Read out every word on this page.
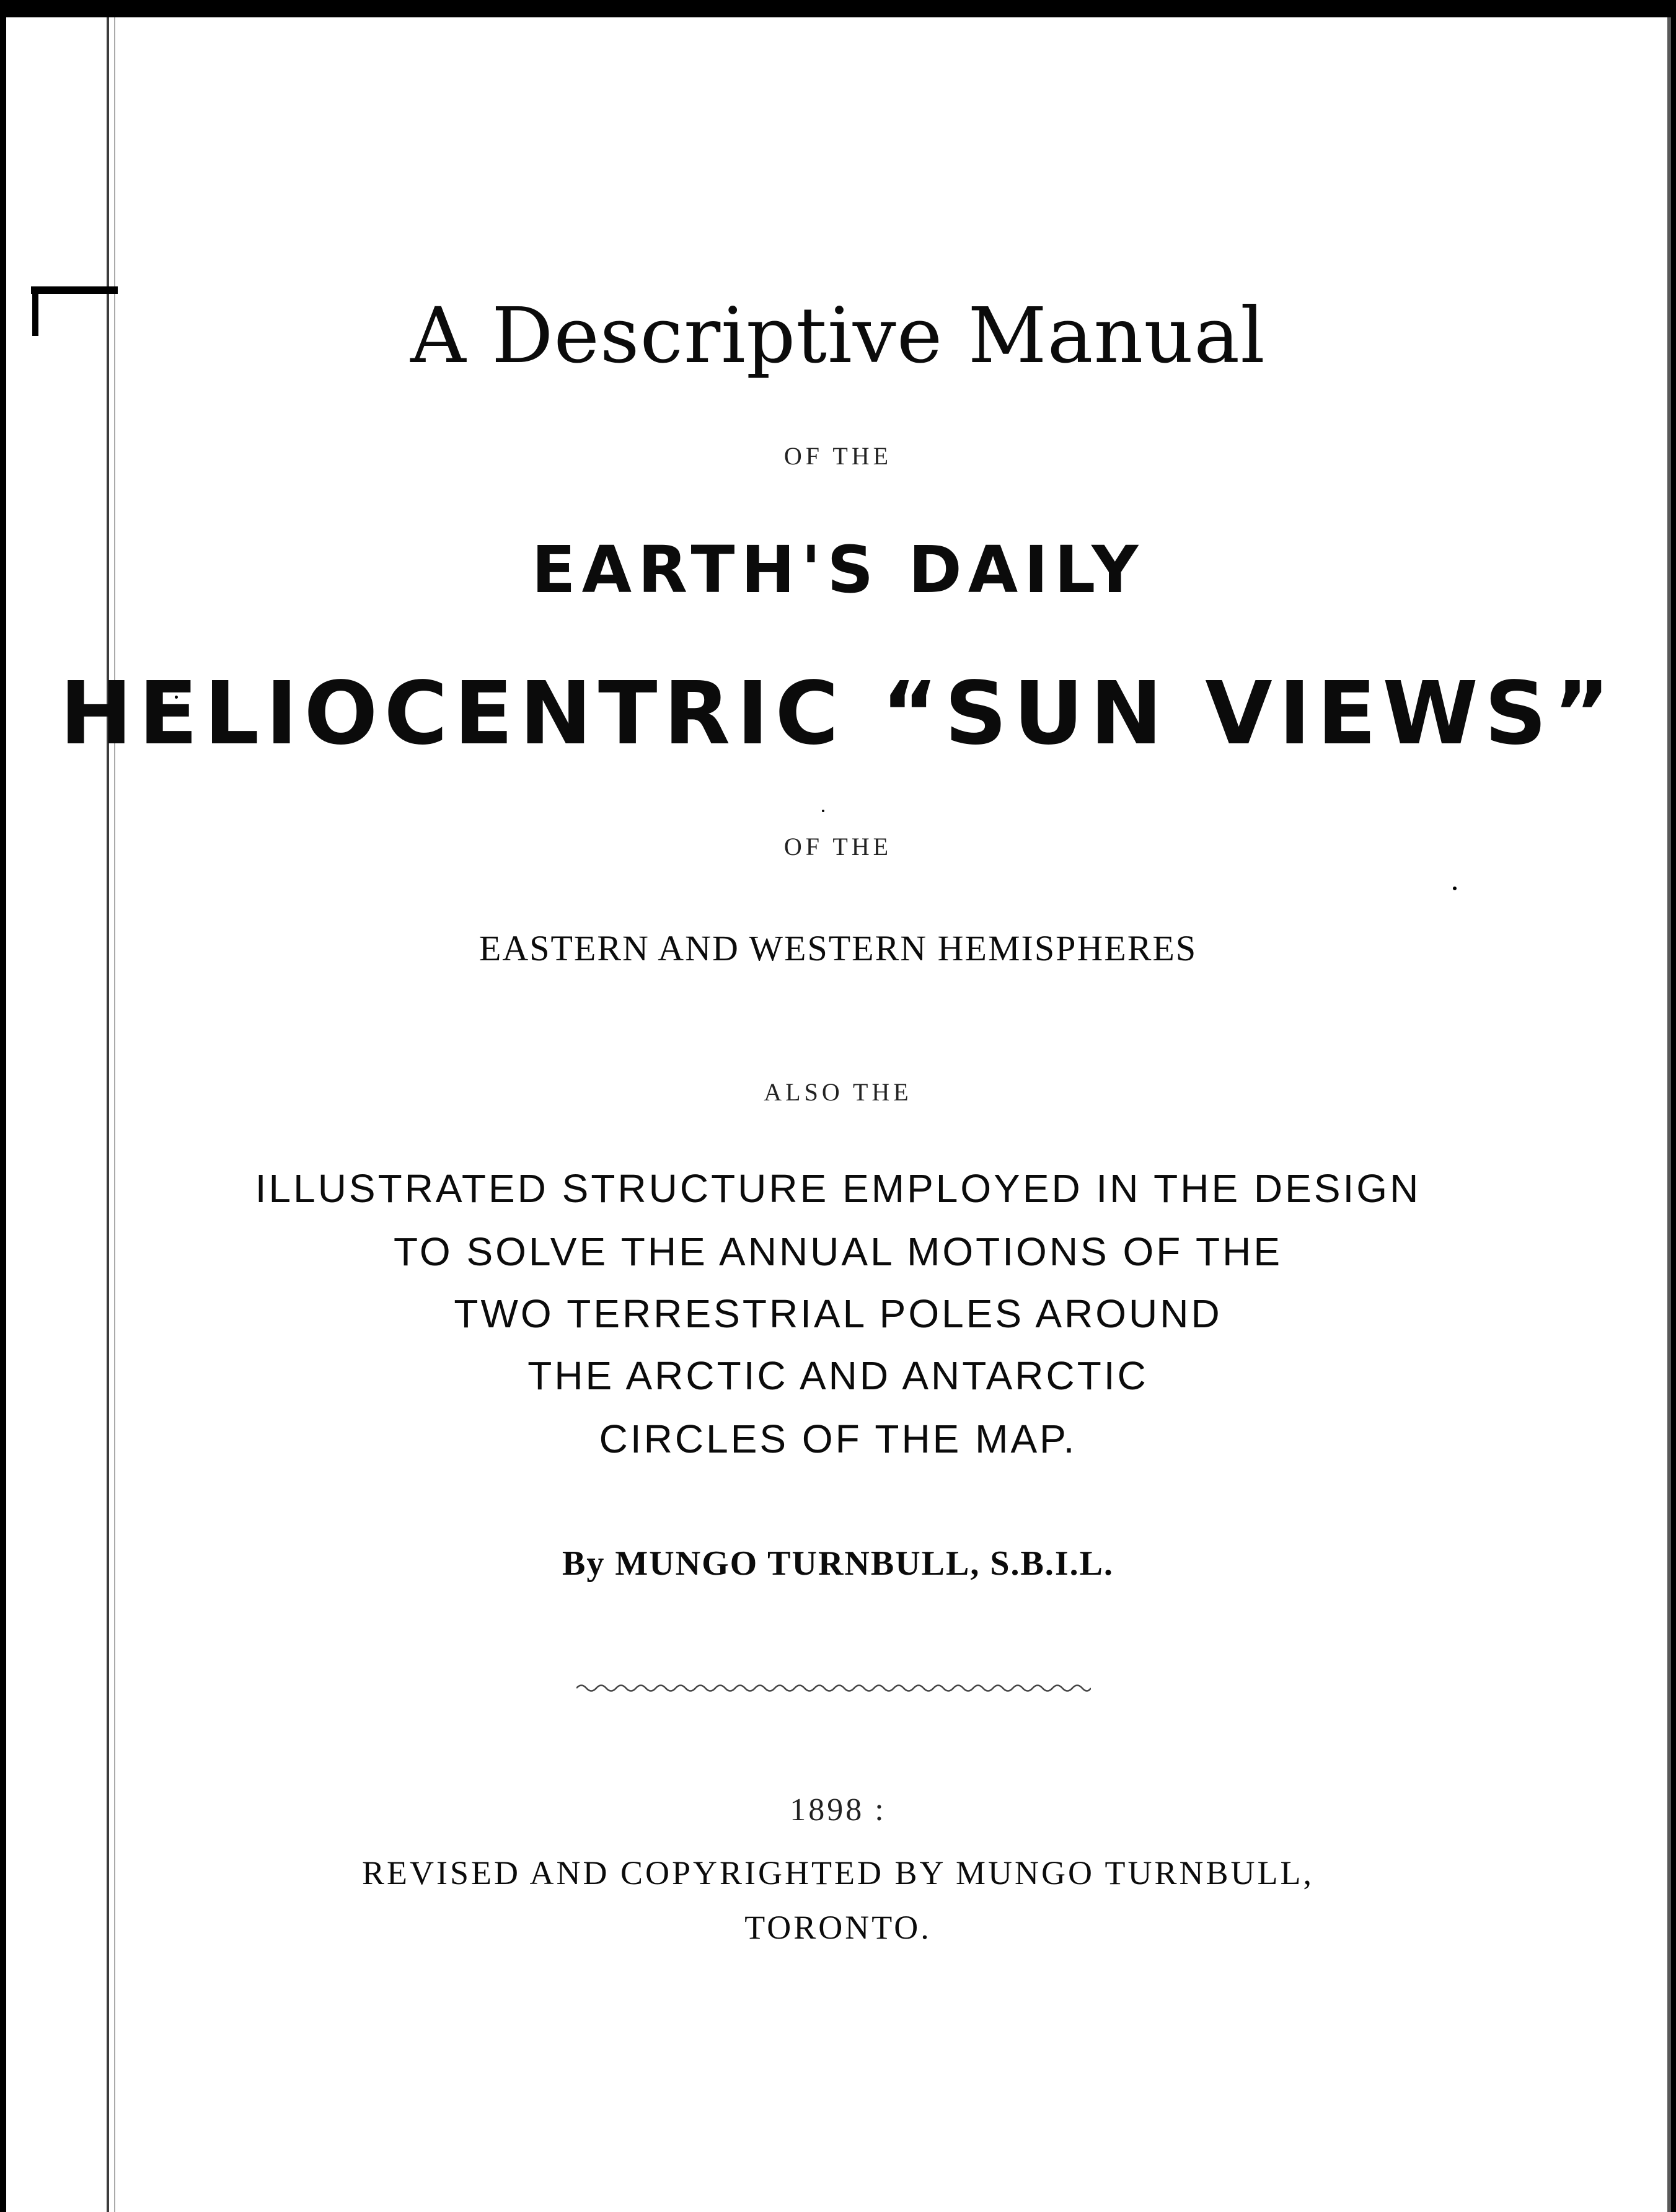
A Descriptive Manual
OF THE
EARTH'S DAILY
HELIOCENTRIC “SUN VIEWS”
OF THE
EASTERN AND WESTERN HEMISPHERES
ALSO THE
ILLUSTRATED STRUCTURE EMPLOYED IN THE DESIGN
TO SOLVE THE ANNUAL MOTIONS OF THE
TWO TERRESTRIAL POLES AROUND
THE ARCTIC AND ANTARCTIC
CIRCLES OF THE MAP.
By MUNGO TURNBULL, S.B.I.L.
1898 :
REVISED AND COPYRIGHTED BY MUNGO TURNBULL,
TORONTO.
